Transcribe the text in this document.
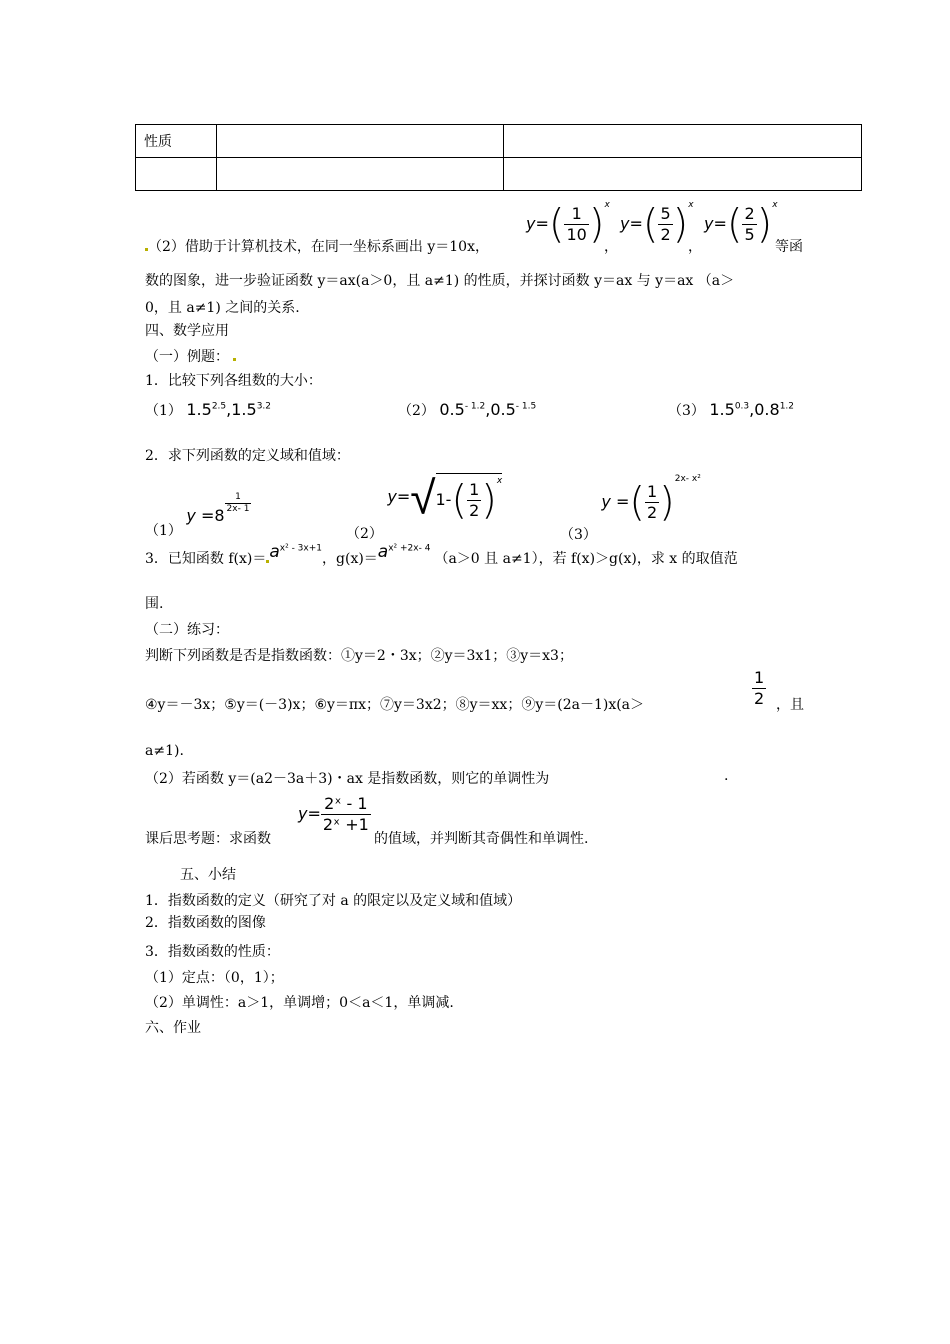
性质		

（2）借助于计算机技术，在同一坐标系画出 y＝10x，
$y=( \frac{1}{10} )^x$
，
$y=( \frac{5}{2} )^x$
，
$y=( \frac{2}{5} )^x$
等函
数的图象，进一步验证函数 y＝ax(a＞0，且 a≠1) 的性质，并探讨函数 y＝ax 与 y＝ax （a＞
0，且 a≠1) 之间的关系.
四、数学应用
（一）例题：
1．比较下列各组数的大小：
（1） $1.5^{2.5},1.5^{3.2}$	（2） $0.5^{- 1.2},0.5^{- 1.5}$	（3） $1.5^{0.3},0.8^{1.2}$
2．求下列函数的定义域和值域：
（1） y =8
$\frac{1}{2x- 1}$
（2） $y=√1-( \frac{1}{2} )^x$
（3） y =( $\frac{1}{2} )^{2x- x^2}$
3．已知函数 $f(x)= a^{x^2 - 3x+1}$，$g(x)=a^{x^2 +2x- 4}(a>0$ 且 a≠1），若 f(x)＞g(x)，求 x 的取值范
围.
（二）练习：
判断下列函数是否是指数函数：①y＝2・3x；②y＝3x1；③y＝x3；
④y＝－3x；⑤y＝(－3)x；⑥y＝πx；⑦y＝3x2；⑧y＝xx；⑨y＝(2a－1)x(a＞	$\frac{1}{2}$ ，且
a≠1).
（2）若函数 y＝(a2－3a＋3)・ax 是指数函数，则它的单调性为	.
课后思考题：求函数
$y= \frac{\text{2ˣ - 1}}{\text{2ˣ +1}}$
的值域，并判断其奇偶性和单调性.
五、小结
1．指数函数的定义（研究了对 a 的限定以及定义域和值域）
2．指数函数的图像
3．指数函数的性质：
（1）定点：（0，1）；
（2）单调性：a＞1，单调增；0＜a＜1，单调减.
六、作业
